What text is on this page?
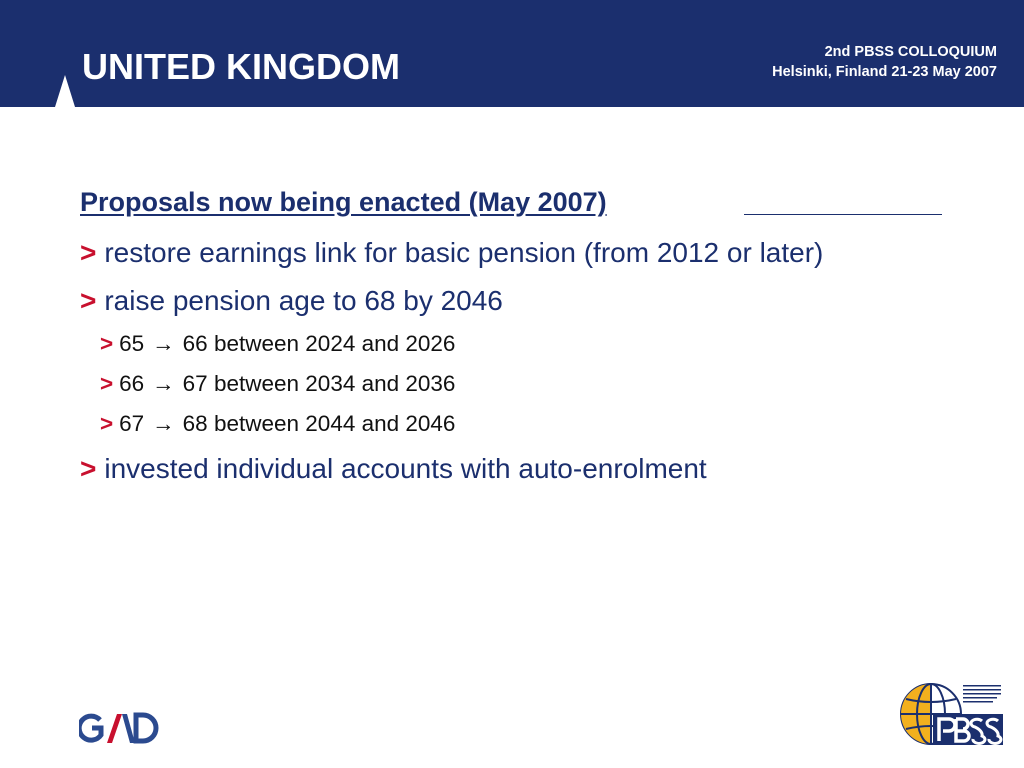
UNITED KINGDOM	2nd PBSS COLLOQUIUM
Helsinki, Finland 21-23 May 2007
Proposals now being enacted (May 2007)
> restore earnings link for basic pension (from 2012 or later)
> raise pension age to 68 by 2046
> 65 → 66 between 2024 and 2026
> 66 → 67 between 2034 and 2036
> 67 → 68 between 2044 and 2046
> invested individual accounts with auto-enrolment
